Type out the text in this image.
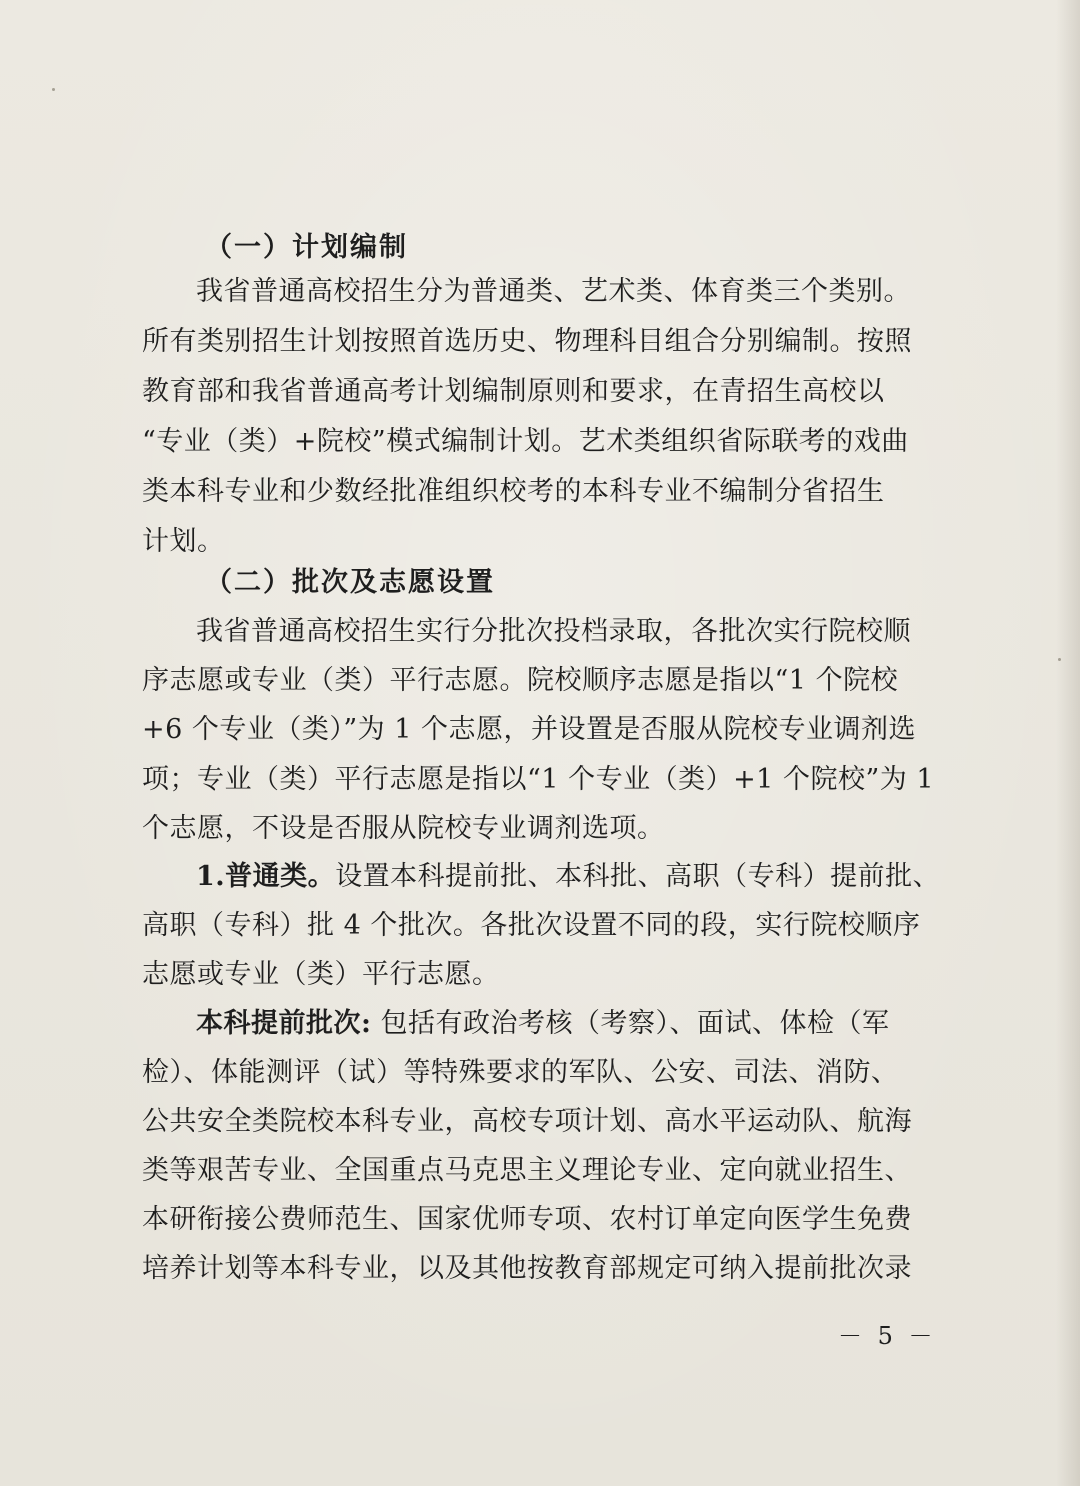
（一）计划编制
我省普通高校招生分为普通类、艺术类、体育类三个类别。
所有类别招生计划按照首选历史、物理科目组合分别编制。按照
教育部和我省普通高考计划编制原则和要求，在青招生高校以
“专业（类）+院校”模式编制计划。艺术类组织省际联考的戏曲
类本科专业和少数经批准组织校考的本科专业不编制分省招生
计划。
（二）批次及志愿设置
我省普通高校招生实行分批次投档录取，各批次实行院校顺
序志愿或专业（类）平行志愿。院校顺序志愿是指以“1 个院校
+6 个专业（类）”为 1 个志愿，并设置是否服从院校专业调剂选
项；专业（类）平行志愿是指以“1 个专业（类）+1 个院校”为 1
个志愿，不设是否服从院校专业调剂选项。
1.普通类。设置本科提前批、本科批、高职（专科）提前批、
高职（专科）批 4 个批次。各批次设置不同的段，实行院校顺序
志愿或专业（类）平行志愿。
本科提前批次: 包括有政治考核（考察）、面试、体检（军
检）、体能测评（试）等特殊要求的军队、公安、司法、消防、
公共安全类院校本科专业，高校专项计划、高水平运动队、航海
类等艰苦专业、全国重点马克思主义理论专业、定向就业招生、
本研衔接公费师范生、国家优师专项、农村订单定向医学生免费
培养计划等本科专业，以及其他按教育部规定可纳入提前批次录
－ 5 －
